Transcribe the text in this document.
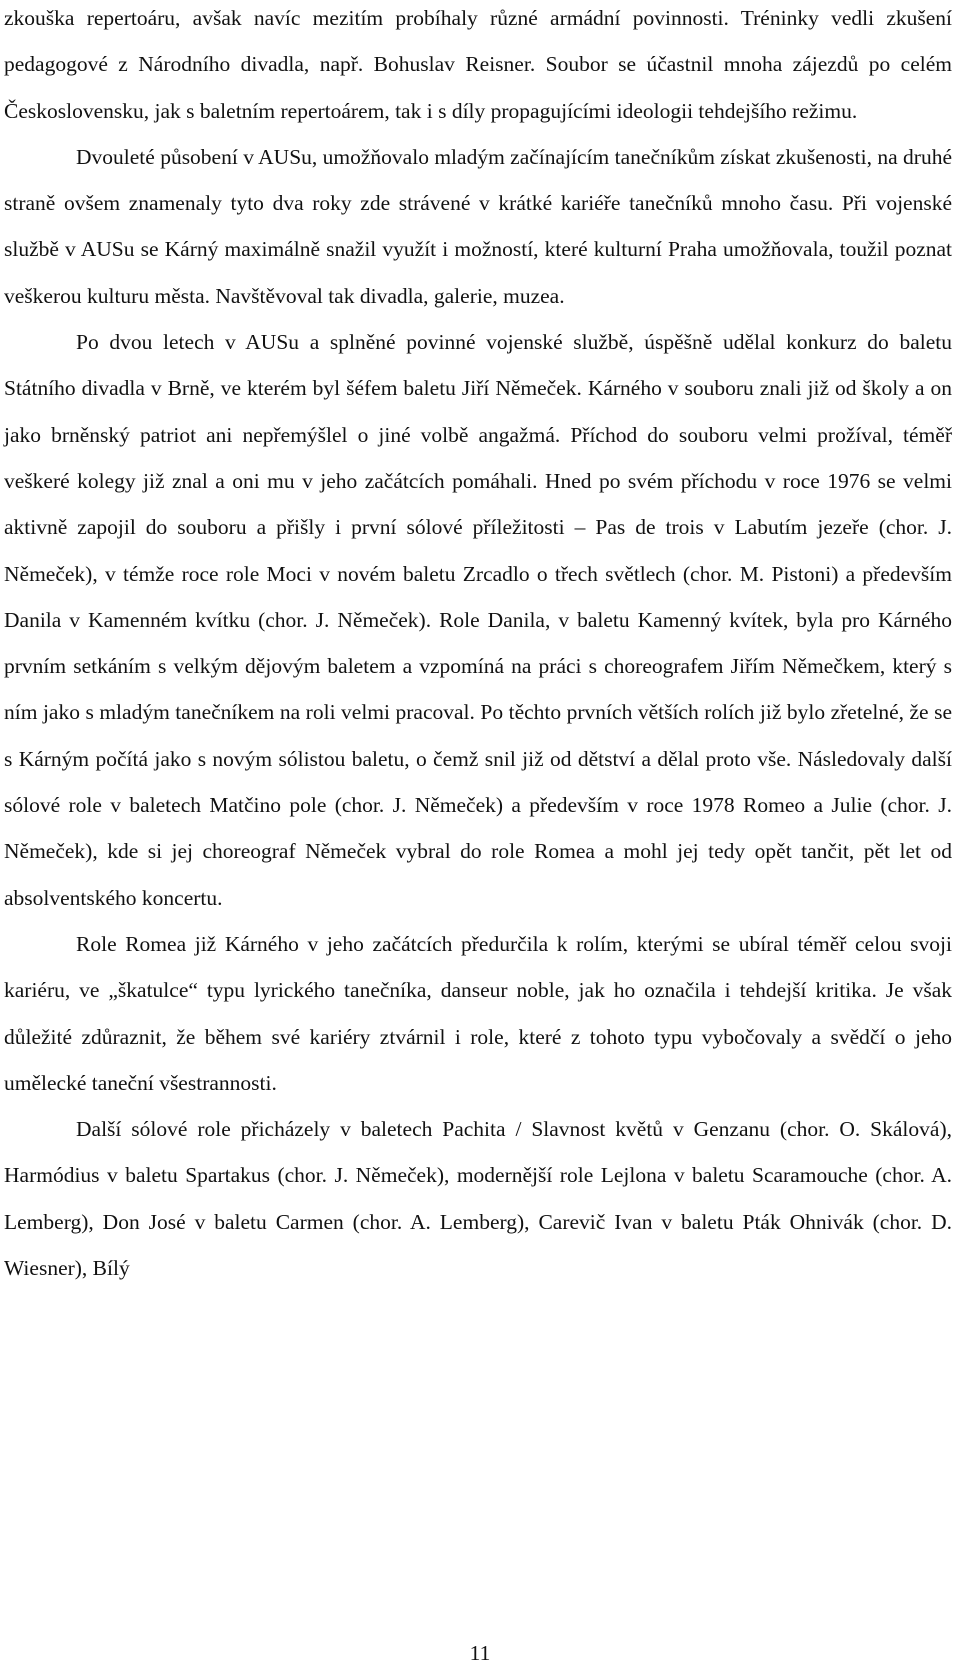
zkouška repertoáru, avšak navíc mezitím probíhaly různé armádní povinnosti. Tréninky vedli zkušení pedagogové z Národního divadla, např. Bohuslav Reisner. Soubor se účastnil mnoha zájezdů po celém Československu, jak s baletním repertoárem, tak i s díly propagujícími ideologii tehdejšího režimu.

Dvouleté působení v AUSu, umožňovalo mladým začínajícím tanečníkům získat zkušenosti, na druhé straně ovšem znamenaly tyto dva roky zde strávené v krátké kariéře tanečníků mnoho času. Při vojenské službě v AUSu se Kárný maximálně snažil využít i možností, které kulturní Praha umožňovala, toužil poznat veškerou kulturu města. Navštěvoval tak divadla, galerie, muzea.

Po dvou letech v AUSu a splněné povinné vojenské službě, úspěšně udělal konkurz do baletu Státního divadla v Brně, ve kterém byl šéfem baletu Jiří Němeček. Kárného v souboru znali již od školy a on jako brněnský patriot ani nepřemýšlel o jiné volbě angažmá. Příchod do souboru velmi prožíval, téměř veškeré kolegy již znal a oni mu v jeho začátcích pomáhali. Hned po svém příchodu v roce 1976 se velmi aktivně zapojil do souboru a přišly i první sólové příležitosti – Pas de trois v Labutím jezeře (chor. J. Němeček), v témže roce role Moci v novém baletu Zrcadlo o třech světlech (chor. M. Pistoni) a především Danila v Kamenném kvítku (chor. J. Němeček). Role Danila, v baletu Kamenný kvítek, byla pro Kárného prvním setkáním s velkým dějovým baletem a vzpomíná na práci s choreografem Jiřím Němečkem, který s ním jako s mladým tanečníkem na roli velmi pracoval. Po těchto prvních větších rolích již bylo zřetelné, že se s Kárným počítá jako s novým sólistou baletu, o čemž snil již od dětství a dělal proto vše. Následovaly další sólové role v baletech Matčino pole (chor. J. Němeček) a především v roce 1978 Romeo a Julie (chor. J. Němeček), kde si jej choreograf Němeček vybral do role Romea a mohl jej tedy opět tančit, pět let od absolventského koncertu.

Role Romea již Kárného v jeho začátcích předurčila k rolím, kterými se ubíral téměř celou svoji kariéru, ve „škatulce“ typu lyrického tanečníka, danseur noble, jak ho označila i tehdejší kritika. Je však důležité zdůraznit, že během své kariéry ztvárnil i role, které z tohoto typu vybočovaly a svědčí o jeho umělecké taneční všestrannosti.

Další sólové role přicházely v baletech Pachita / Slavnost květů v Genzanu (chor. O. Skálová), Harmódius v baletu Spartakus (chor. J. Němeček), modernější role Lejlona v baletu Scaramouche (chor. A. Lemberg), Don José v baletu Carmen (chor. A. Lemberg), Carevič Ivan v baletu Pták Ohnivák (chor. D. Wiesner), Bílý

11
